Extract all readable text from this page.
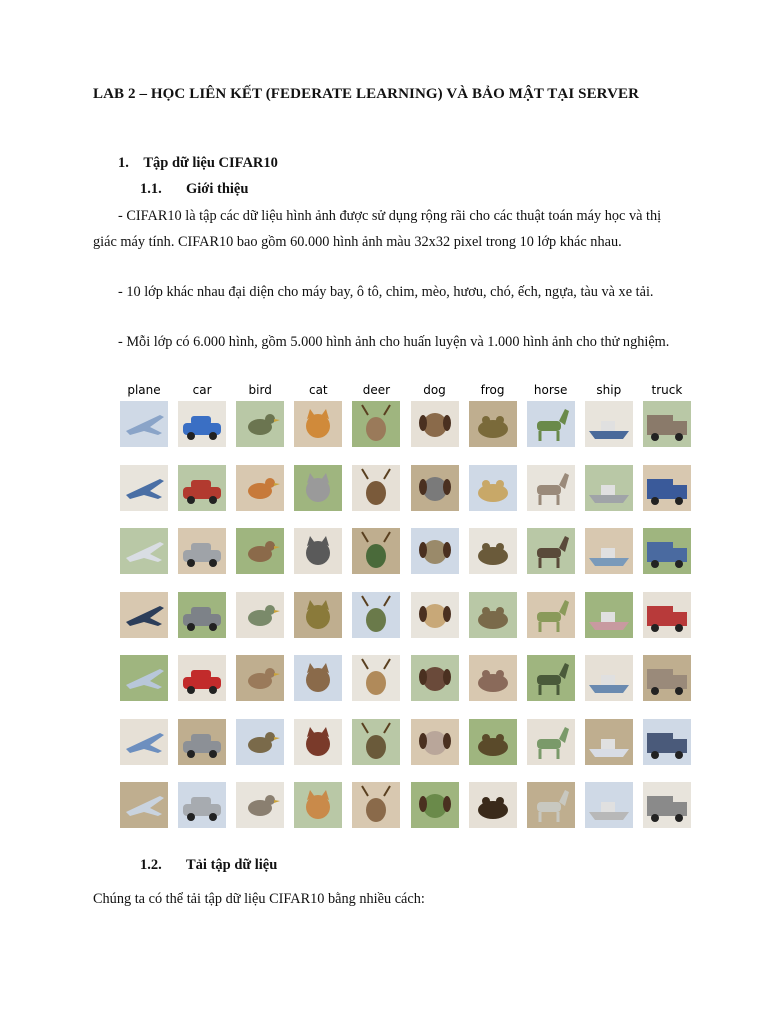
LAB 2 – HỌC LIÊN KẾT (FEDERATE LEARNING) VÀ BẢO MẬT TẠI SERVER
1. Tập dữ liệu CIFAR10
1.1. Giới thiệu
- CIFAR10 là tập các dữ liệu hình ảnh được sử dụng rộng rãi cho các thuật toán máy học và thị giác máy tính. CIFAR10 bao gồm 60.000 hình ảnh màu 32x32 pixel trong 10 lớp khác nhau.
- 10 lớp khác nhau đại diện cho máy bay, ô tô, chim, mèo, hươu, chó, ếch, ngựa, tàu và xe tải.
- Mỗi lớp có 6.000 hình, gồm 5.000 hình ảnh cho huấn luyện và 1.000 hình ảnh cho thử nghiệm.
plane	car	bird	cat	deer	dog	frog	horse	ship	truck
1.2. Tải tập dữ liệu
Chúng ta có thể tải tập dữ liệu CIFAR10 bằng nhiều cách:
